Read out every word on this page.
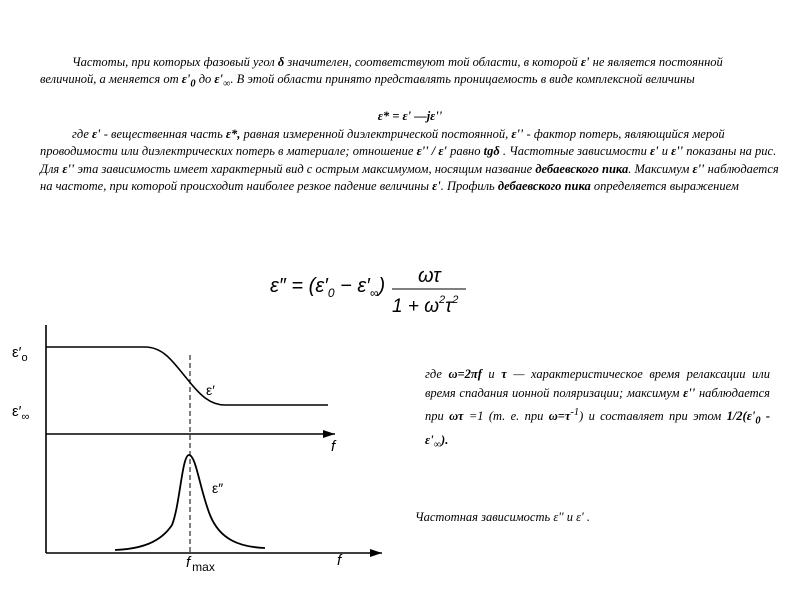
Частоты, при которых фазовый угол δ значителен, соответствуют той области, в которой ε' не является постоянной величиной, а меняется от $\varepsilon'_0$ до $\varepsilon'_\infty$. В этой области принято представлять проницаемость в виде комплексной величины
ε* = ε' —jε''
где ε' - вещественная часть ε*, равная измеренной диэлектрической постоянной, ε'' - фактор потерь, являющийся мерой проводимости или диэлектрических потерь в материале; отношение ε'' / ε' равно tgδ . Частотные зависимости ε' и ε'' показаны на рис. Для ε'' эта зависимость имеет характерный вид с острым максимумом, носящим название дебаевского пика. Максимум ε'' наблюдается на частоте, при которой происходит наиболее резкое падение величины ε'. Профиль дебаевского пика определяется выражением
$\varepsilon'' = (\varepsilon'_0 - \varepsilon'_\infty)$ ωτ
$1 + \omega^2\tau^2$
$\varepsilon'_o$
$\varepsilon'_\infty$
ε′
ε″
f
f
f $_{max}$
где ω=2πf и τ — характеристическое время релаксации или время спадания ионной поляризации; максимум ε'' наблюдается при ωτ =1 (т. е. при $\omega=\tau^{-1}$) и составляет при этом $1/2(\varepsilon'_0 - \varepsilon'_\infty)$.
Частотная зависимость ε'' и ε' .
